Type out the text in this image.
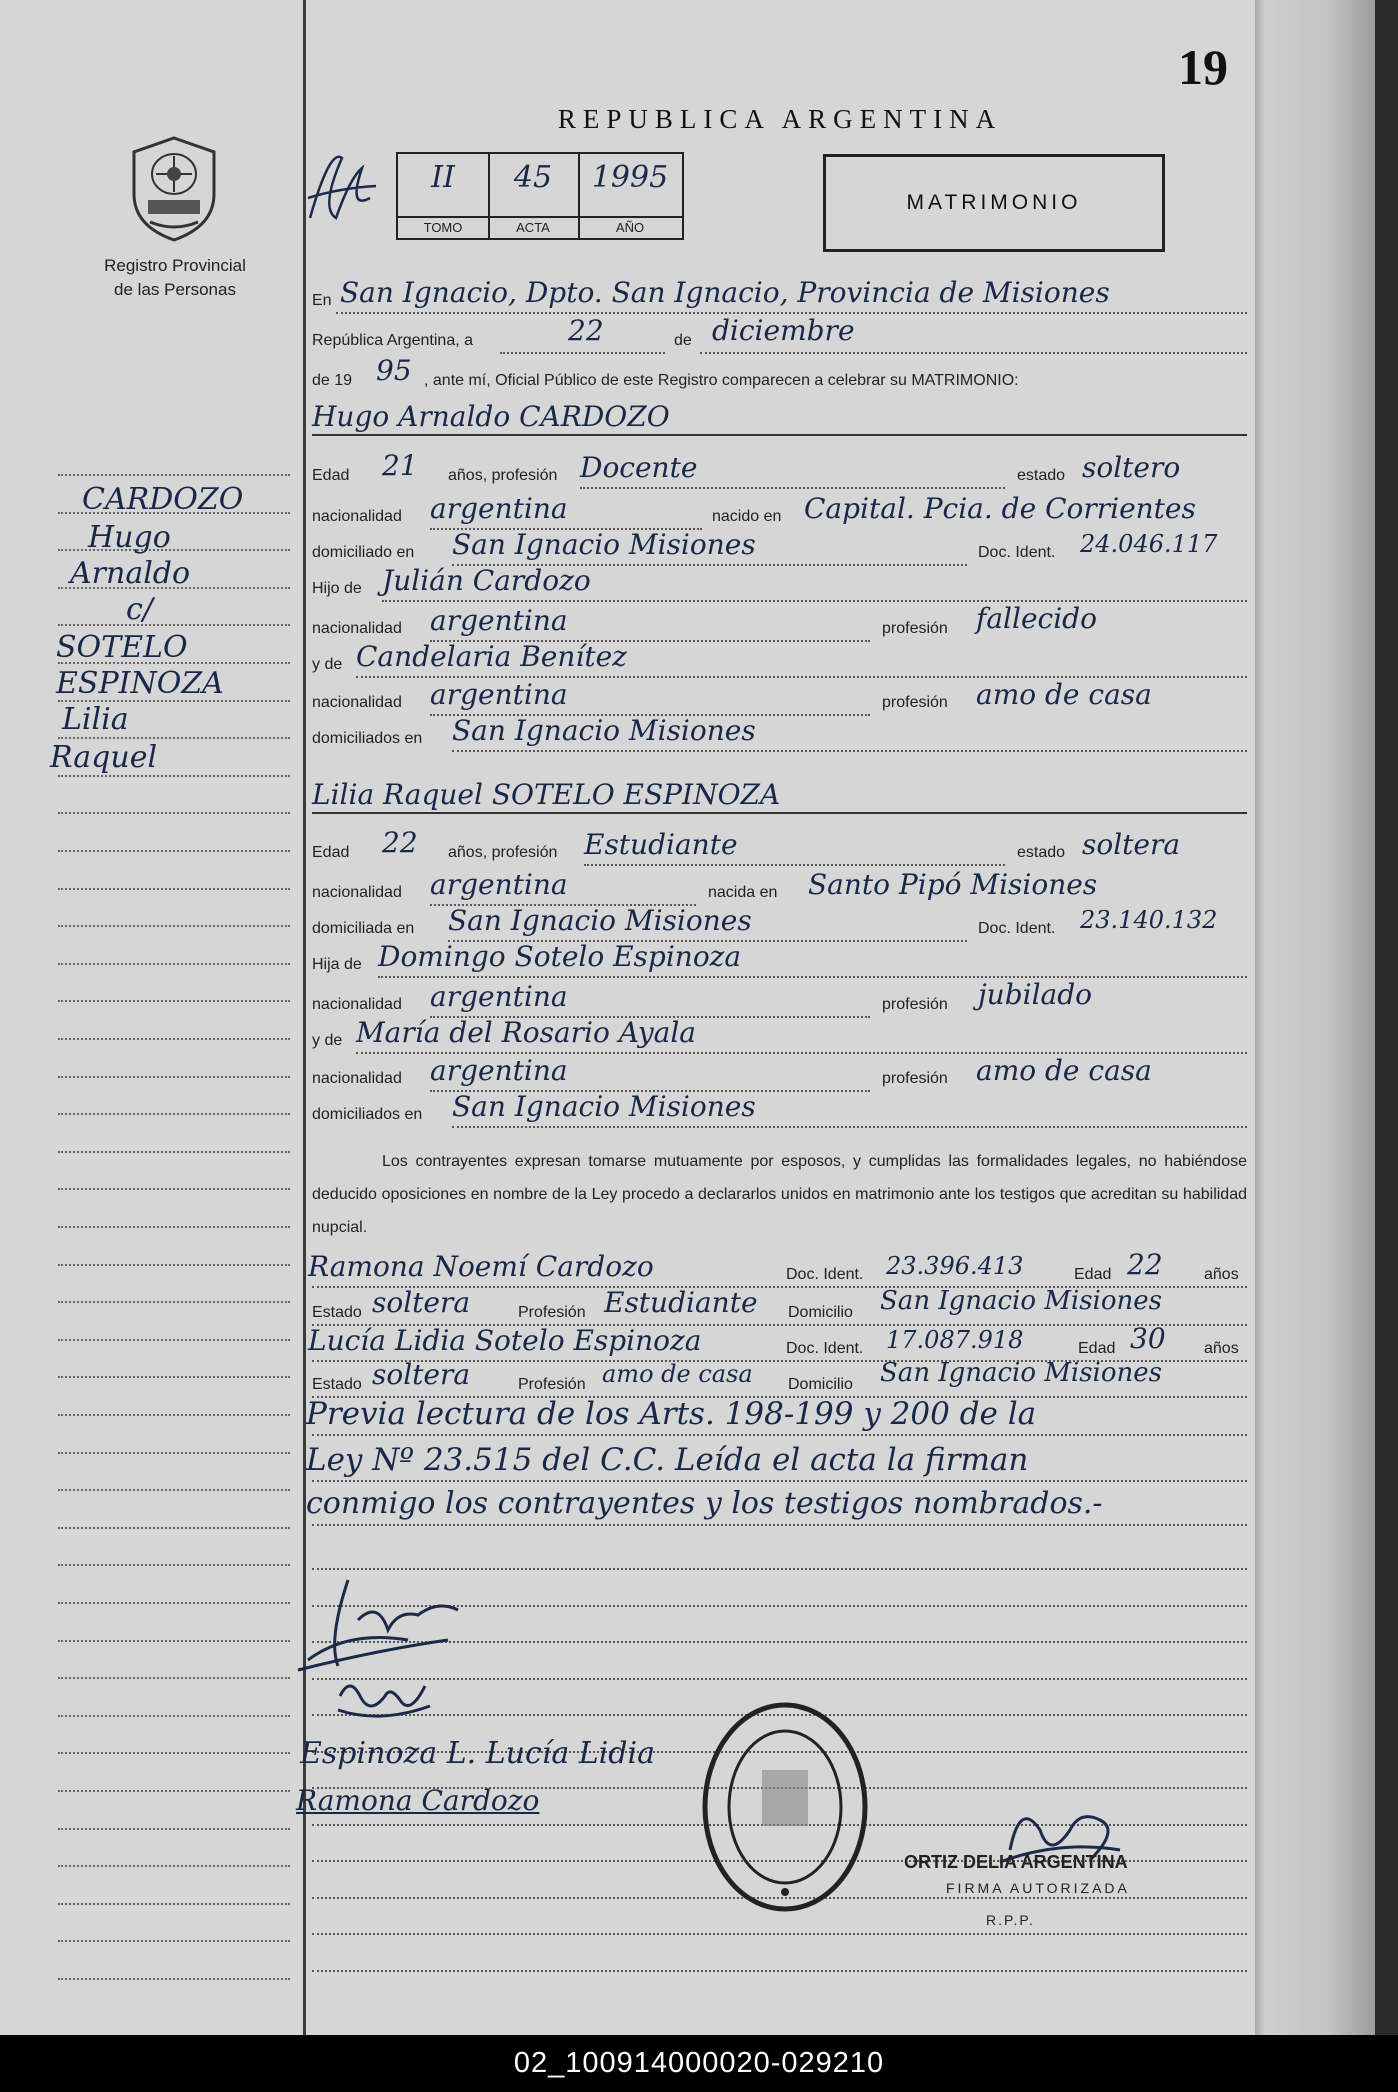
19
REPUBLICA ARGENTINA
Registro Provincial
de las Personas
II
TOMO
45
ACTA
1995
AÑO
MATRIMONIO
CARDOZO
Hugo
Arnaldo
c/
SOTELO
ESPINOZA
Lilia
Raquel
En San Ignacio, Dpto. San Ignacio, Provincia de Misiones
República Argentina, a	22	de diciembre
de 19 95 , ante mí, Oficial Público de este Registro comparecen a celebrar su MATRIMONIO:
Hugo Arnaldo CARDOZO
Edad 21 años, profesión Docente	estado soltero
nacionalidad argentina	nacido en Capital. Pcia. de Corrientes
domiciliado en San Ignacio Misiones	Doc. Ident. 24.046.117
Hijo de Julián Cardozo
nacionalidad argentina	profesión fallecido
y de Candelaria Benítez
nacionalidad argentina	profesión amo de casa
domiciliados en San Ignacio Misiones
Lilia Raquel SOTELO ESPINOZA
Edad 22 años, profesión Estudiante	estado soltera
nacionalidad argentina	nacida en Santo Pipó Misiones
domiciliada en San Ignacio Misiones	Doc. Ident. 23.140.132
Hija de Domingo Sotelo Espinoza
nacionalidad argentina	profesión jubilado
y de María del Rosario Ayala
nacionalidad argentina	profesión amo de casa
domiciliados en San Ignacio Misiones
Los contrayentes expresan tomarse mutuamente por esposos, y cumplidas las formalidades legales, no habiéndose deducido oposiciones en nombre de la Ley procedo a declararlos unidos en matrimonio ante los testigos que acreditan su habilidad nupcial.
Ramona Noemí Cardozo	Doc. Ident. 23.396.413	Edad 22	años
Estado soltera	Profesión Estudiante Domicilio San Ignacio Misiones
Lucía Lidia Sotelo Espinoza	Doc. Ident. 17.087.918	Edad 30 años
Estado soltera	Profesión amo de casa Domicilio San Ignacio Misiones
Previa lectura de los Arts. 198-199 y 200 de la
Ley Nº 23.515 del C.C. Leída el acta la firman
conmigo los contrayentes y los testigos nombrados.-
Espinoza L. Lucía Lidia
Ramona Cardozo
ORTIZ DELIA ARGENTINA
FIRMA AUTORIZADA
R.P.P.
02_100914000020-029210
